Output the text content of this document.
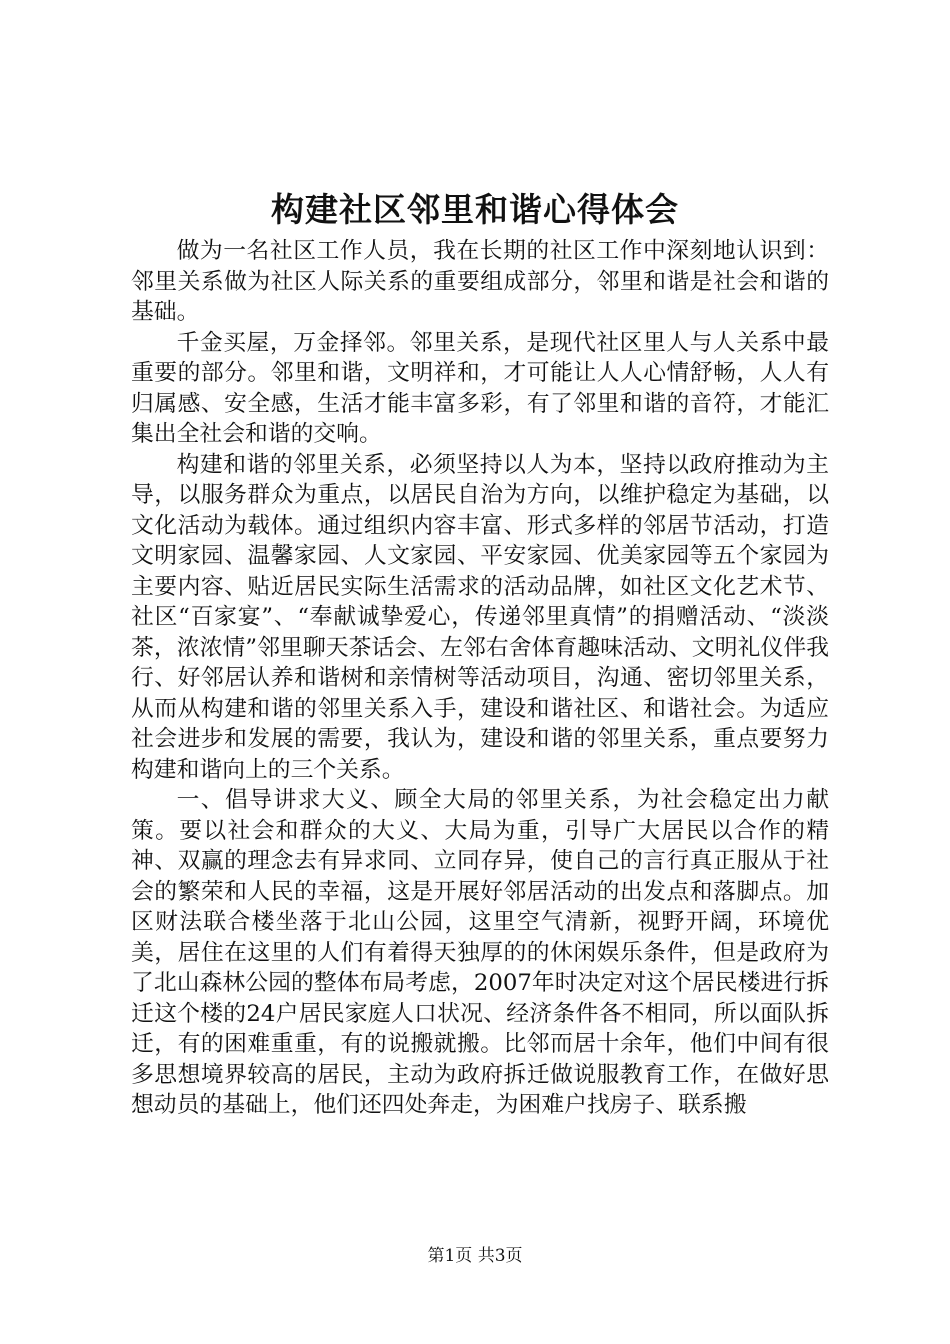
构建社区邻里和谐心得体会

做为一名社区工作人员，我在长期的社区工作中深刻地认识到：邻里关系做为社区人际关系的重要组成部分，邻里和谐是社会和谐的基础。

千金买屋，万金择邻。邻里关系，是现代社区里人与人关系中最重要的部分。邻里和谐，文明祥和，才可能让人人心情舒畅，人人有归属感、安全感，生活才能丰富多彩，有了邻里和谐的音符，才能汇集出全社会和谐的交响。

构建和谐的邻里关系，必须坚持以人为本，坚持以政府推动为主导，以服务群众为重点，以居民自治为方向，以维护稳定为基础，以文化活动为载体。通过组织内容丰富、形式多样的邻居节活动，打造文明家园、温馨家园、人文家园、平安家园、优美家园等五个家园为主要内容、贴近居民实际生活需求的活动品牌，如社区文化艺术节、社区“百家宴”、“奉献诚挚爱心，传递邻里真情”的捐赠活动、“淡淡茶，浓浓情”邻里聊天茶话会、左邻右舍体育趣味活动、文明礼仪伴我行、好邻居认养和谐树和亲情树等活动项目，沟通、密切邻里关系，从而从构建和谐的邻里关系入手，建设和谐社区、和谐社会。为适应社会进步和发展的需要，我认为，建设和谐的邻里关系，重点要努力构建和谐向上的三个关系。

一、倡导讲求大义、顾全大局的邻里关系，为社会稳定出力献策。要以社会和群众的大义、大局为重，引导广大居民以合作的精神、双赢的理念去有异求同、立同存异，使自己的言行真正服从于社会的繁荣和人民的幸福，这是开展好邻居活动的出发点和落脚点。加区财法联合楼坐落于北山公园，这里空气清新，视野开阔，环境优美，居住在这里的人们有着得天独厚的的休闲娱乐条件，但是政府为了北山森林公园的整体布局考虑，2007年时决定对这个居民楼进行拆迁这个楼的24户居民家庭人口状况、经济条件各不相同，所以面队拆迁，有的困难重重，有的说搬就搬。比邻而居十余年，他们中间有很多思想境界较高的居民，主动为政府拆迁做说服教育工作，在做好思想动员的基础上，他们还四处奔走，为困难户找房子、联系搬

第1页 共3页
